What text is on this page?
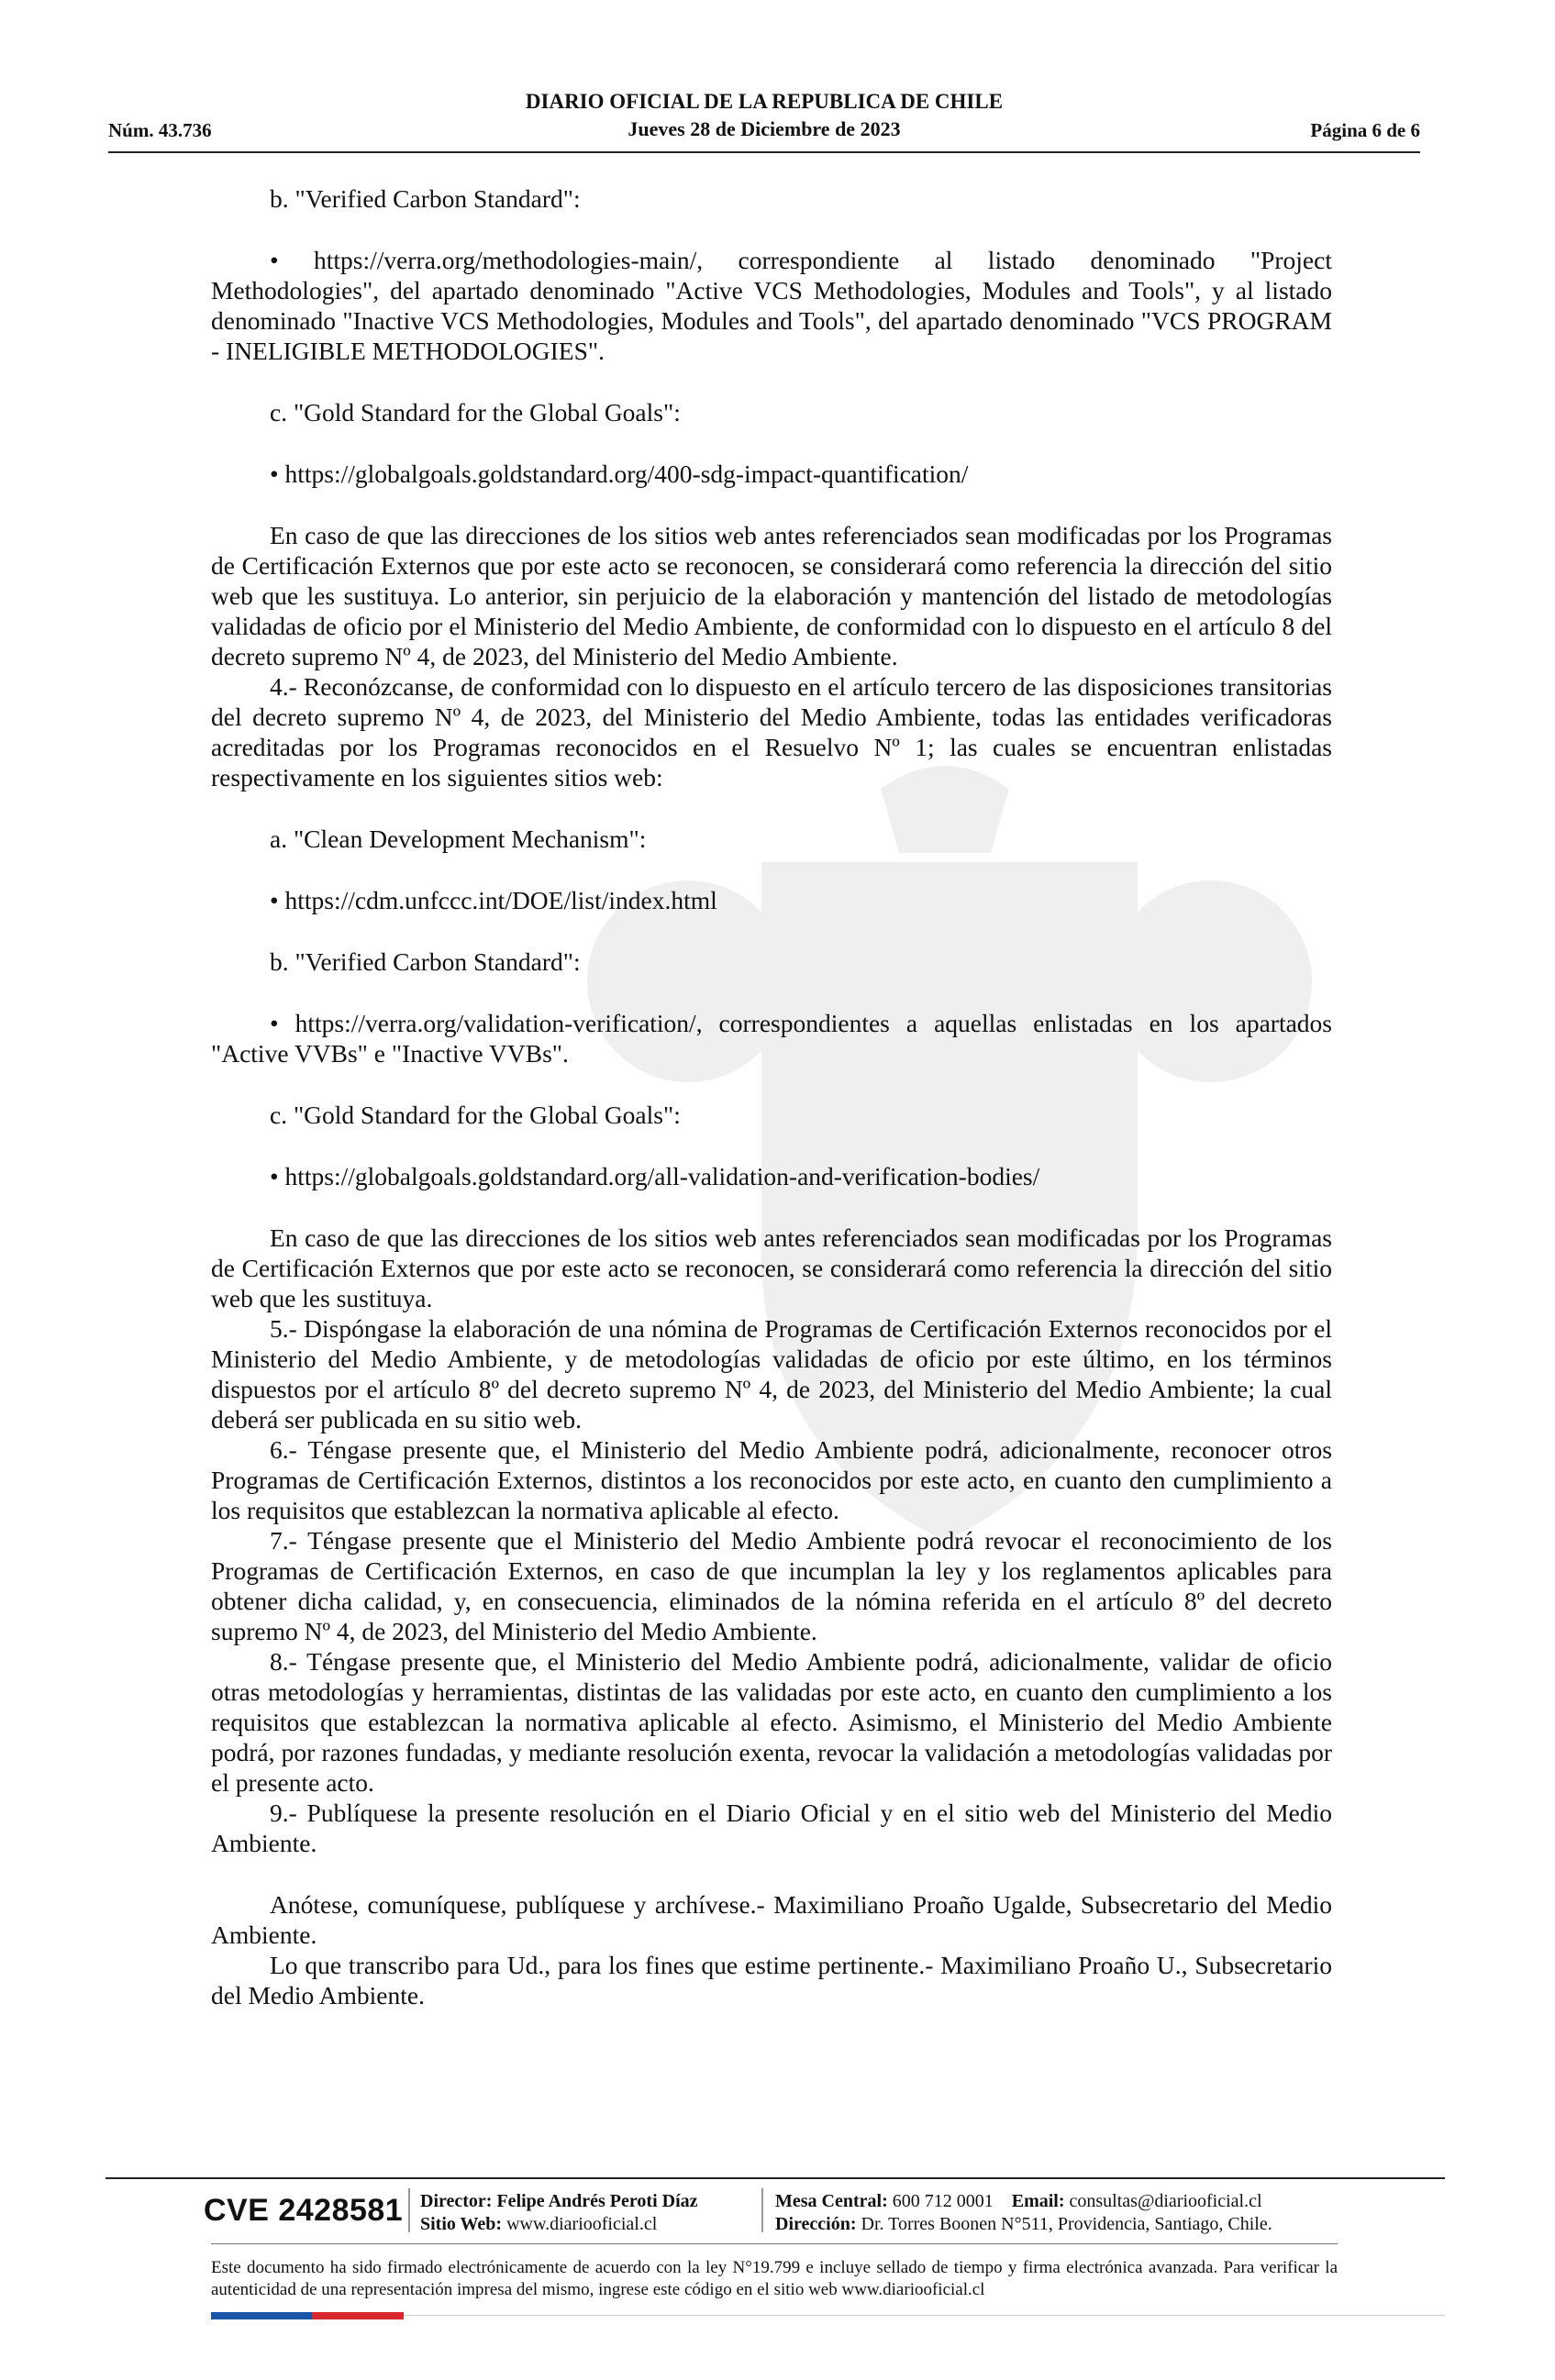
Núm. 43.736
DIARIO OFICIAL DE LA REPUBLICA DE CHILE
Jueves 28 de Diciembre de 2023	Página 6 de 6

b. "Verified Carbon Standard":

• https://verra.org/methodologies-main/, correspondiente al listado denominado "Project Methodologies", del apartado denominado "Active VCS Methodologies, Modules and Tools", y al listado denominado "Inactive VCS Methodologies, Modules and Tools", del apartado denominado "VCS PROGRAM - INELIGIBLE METHODOLOGIES".

c. "Gold Standard for the Global Goals":

• https://globalgoals.goldstandard.org/400-sdg-impact-quantification/

En caso de que las direcciones de los sitios web antes referenciados sean modificadas por los Programas de Certificación Externos que por este acto se reconocen, se considerará como referencia la dirección del sitio web que les sustituya. Lo anterior, sin perjuicio de la elaboración y mantención del listado de metodologías validadas de oficio por el Ministerio del Medio Ambiente, de conformidad con lo dispuesto en el artículo 8 del decreto supremo Nº 4, de 2023, del Ministerio del Medio Ambiente.

4.- Reconózcanse, de conformidad con lo dispuesto en el artículo tercero de las disposiciones transitorias del decreto supremo Nº 4, de 2023, del Ministerio del Medio Ambiente, todas las entidades verificadoras acreditadas por los Programas reconocidos en el Resuelvo Nº 1; las cuales se encuentran enlistadas respectivamente en los siguientes sitios web:

a. "Clean Development Mechanism":

• https://cdm.unfccc.int/DOE/list/index.html

b. "Verified Carbon Standard":

• https://verra.org/validation-verification/, correspondientes a aquellas enlistadas en los apartados "Active VVBs" e "Inactive VVBs".

c. "Gold Standard for the Global Goals":

• https://globalgoals.goldstandard.org/all-validation-and-verification-bodies/

En caso de que las direcciones de los sitios web antes referenciados sean modificadas por los Programas de Certificación Externos que por este acto se reconocen, se considerará como referencia la dirección del sitio web que les sustituya.

5.- Dispóngase la elaboración de una nómina de Programas de Certificación Externos reconocidos por el Ministerio del Medio Ambiente, y de metodologías validadas de oficio por este último, en los términos dispuestos por el artículo 8º del decreto supremo Nº 4, de 2023, del Ministerio del Medio Ambiente; la cual deberá ser publicada en su sitio web.

6.- Téngase presente que, el Ministerio del Medio Ambiente podrá, adicionalmente, reconocer otros Programas de Certificación Externos, distintos a los reconocidos por este acto, en cuanto den cumplimiento a los requisitos que establezcan la normativa aplicable al efecto.

7.- Téngase presente que el Ministerio del Medio Ambiente podrá revocar el reconocimiento de los Programas de Certificación Externos, en caso de que incumplan la ley y los reglamentos aplicables para obtener dicha calidad, y, en consecuencia, eliminados de la nómina referida en el artículo 8º del decreto supremo Nº 4, de 2023, del Ministerio del Medio Ambiente.

8.- Téngase presente que, el Ministerio del Medio Ambiente podrá, adicionalmente, validar de oficio otras metodologías y herramientas, distintas de las validadas por este acto, en cuanto den cumplimiento a los requisitos que establezcan la normativa aplicable al efecto. Asimismo, el Ministerio del Medio Ambiente podrá, por razones fundadas, y mediante resolución exenta, revocar la validación a metodologías validadas por el presente acto.

9.- Publíquese la presente resolución en el Diario Oficial y en el sitio web del Ministerio del Medio Ambiente.

Anótese, comuníquese, publíquese y archívese.- Maximiliano Proaño Ugalde, Subsecretario del Medio Ambiente.

Lo que transcribo para Ud., para los fines que estime pertinente.- Maximiliano Proaño U., Subsecretario del Medio Ambiente.

CVE 2428581 Director: Felipe Andrés Peroti Díaz
Sitio Web: www.diariooficial.cl
Mesa Central: 600 712 0001 Email: consultas@diariooficial.cl
Dirección: Dr. Torres Boonen N°511, Providencia, Santiago, Chile.
Este documento ha sido firmado electrónicamente de acuerdo con la ley N°19.799 e incluye sellado de tiempo y firma electrónica avanzada. Para verificar la autenticidad de una representación impresa del mismo, ingrese este código en el sitio web www.diariooficial.cl
